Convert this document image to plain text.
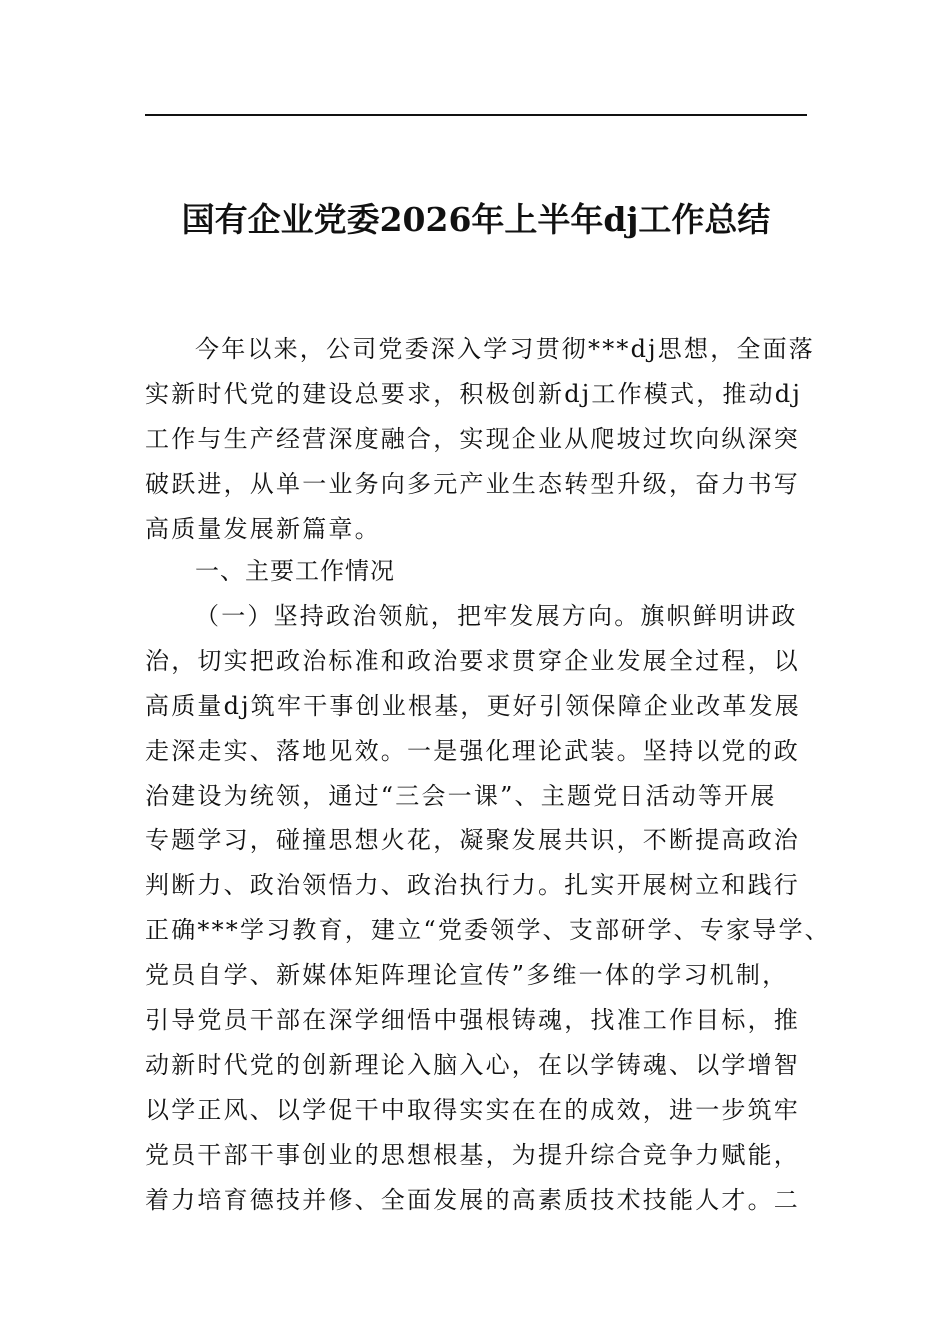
国有企业党委2026年上半年dj工作总结
今年以来，公司党委深入学习贯彻***dj思想，全面落
实新时代党的建设总要求，积极创新dj工作模式，推动dj
工作与生产经营深度融合，实现企业从爬坡过坎向纵深突
破跃进，从单一业务向多元产业生态转型升级，奋力书写
高质量发展新篇章。
一、主要工作情况
（一）坚持政治领航，把牢发展方向。旗帜鲜明讲政
治，切实把政治标准和政治要求贯穿企业发展全过程，以
高质量dj筑牢干事创业根基，更好引领保障企业改革发展
走深走实、落地见效。一是强化理论武装。坚持以党的政
治建设为统领，通过“三会一课”、主题党日活动等开展
专题学习，碰撞思想火花，凝聚发展共识，不断提高政治
判断力、政治领悟力、政治执行力。扎实开展树立和践行
正确***学习教育，建立“党委领学、支部研学、专家导学、
党员自学、新媒体矩阵理论宣传”多维一体的学习机制，
引导党员干部在深学细悟中强根铸魂，找准工作目标，推
动新时代党的创新理论入脑入心，在以学铸魂、以学增智
以学正风、以学促干中取得实实在在的成效，进一步筑牢
党员干部干事创业的思想根基，为提升综合竞争力赋能，
着力培育德技并修、全面发展的高素质技术技能人才。二
